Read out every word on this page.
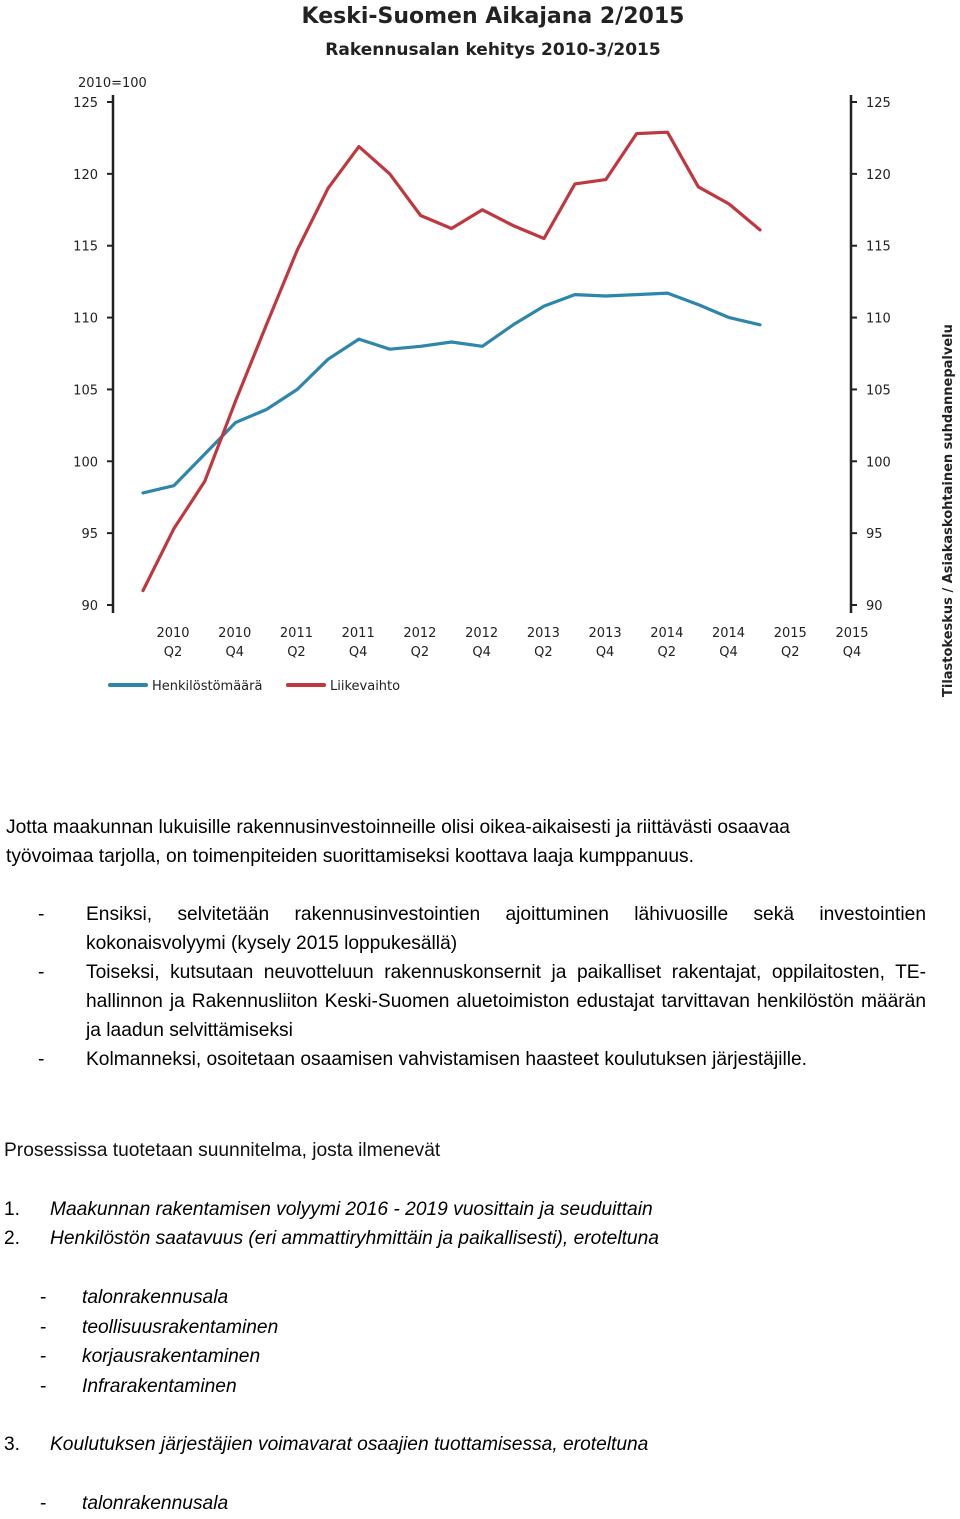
Keski-Suomen Aikajana 2/2015
Rakennusalan kehitys 2010-3/2015
2010=100
125	125
120	120
115	115
110	110
105	105
100	100
95	95
90	90
2010
Q2
2010
Q4
2011
Q2
2011
Q4
2012
Q2
2012
Q4
2013
Q2
2013
Q4
2014
Q2
2014
Q4
2015
Q2
2015
Q4
Henkilöstömäärä	Liikevaihto	Tilastokeskus / Asiakaskohtainen suhdannepalvelu
Jotta maakunnan lukuisille rakennusinvestoinneille olisi oikea-aikaisesti ja riittävästi osaavaa
työvoimaa tarjolla, on toimenpiteiden suorittamiseksi koottava laaja kumppanuus.
-	Ensiksi, selvitetään rakennusinvestointien ajoittuminen lähivuosille sekä investointien kokonaisvolyymi (kysely 2015 loppukesällä)
-	Toiseksi, kutsutaan neuvotteluun rakennuskonsernit ja paikalliset rakentajat, oppilaitosten, TE-hallinnon ja Rakennusliiton Keski-Suomen aluetoimiston edustajat tarvittavan henkilöstön määrän ja laadun selvittämiseksi
-	Kolmanneksi, osoitetaan osaamisen vahvistamisen haasteet koulutuksen järjestäjille.
Prosessissa tuotetaan suunnitelma, josta ilmenevät
1.	Maakunnan rakentamisen volyymi 2016 - 2019 vuosittain ja seuduittain
2.	Henkilöstön saatavuus (eri ammattiryhmittäin ja paikallisesti), eroteltuna
-	talonrakennusala
-	teollisuusrakentaminen
-	korjausrakentaminen
-	Infrarakentaminen
3.	Koulutuksen järjestäjien voimavarat osaajien tuottamisessa, eroteltuna
-	talonrakennusala
